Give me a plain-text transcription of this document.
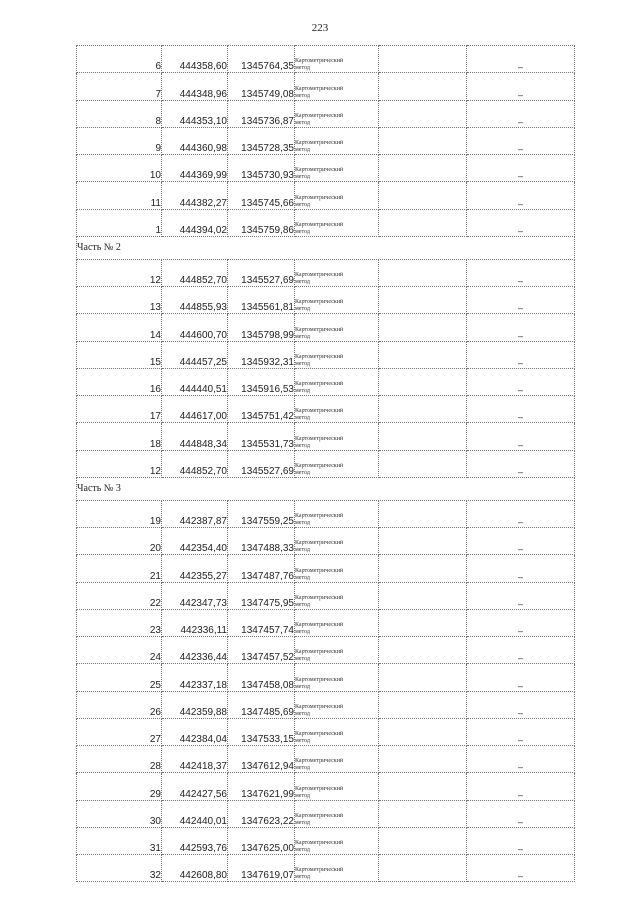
223
6	444358,60	1345764,35	Картометрический метод		–
7	444348,96	1345749,08	Картометрический метод		–
8	444353,10	1345736,87	Картометрический метод		–
9	444360,98	1345728,35	Картометрический метод		–
10	444369,99	1345730,93	Картометрический метод		–
11	444382,27	1345745,66	Картометрический метод		–
1	444394,02	1345759,86	Картометрический метод		–
Часть № 2					
12	444852,70	1345527,69	Картометрический метод		–
13	444855,93	1345561,81	Картометрический метод		–
14	444600,70	1345798,99	Картометрический метод		–
15	444457,25	1345932,31	Картометрический метод		–
16	444440,51	1345916,53	Картометрический метод		–
17	444617,00	1345751,42	Картометрический метод		–
18	444848,34	1345531,73	Картометрический метод		–
12	444852,70	1345527,69	Картометрический метод		–
Часть № 3					
19	442387,87	1347559,25	Картометрический метод		–
20	442354,40	1347488,33	Картометрический метод		–
21	442355,27	1347487,76	Картометрический метод		–
22	442347,73	1347475,95	Картометрический метод		–
23	442336,11	1347457,74	Картометрический метод		–
24	442336,44	1347457,52	Картометрический метод		–
25	442337,18	1347458,08	Картометрический метод		–
26	442359,88	1347485,69	Картометрический метод		–
27	442384,04	1347533,15	Картометрический метод		–
28	442418,37	1347612,94	Картометрический метод		–
29	442427,56	1347621,99	Картометрический метод		–
30	442440,01	1347623,22	Картометрический метод		–
31	442593,76	1347625,00	Картометрический метод		–
32	442608,80	1347619,07	Картометрический метод		–
